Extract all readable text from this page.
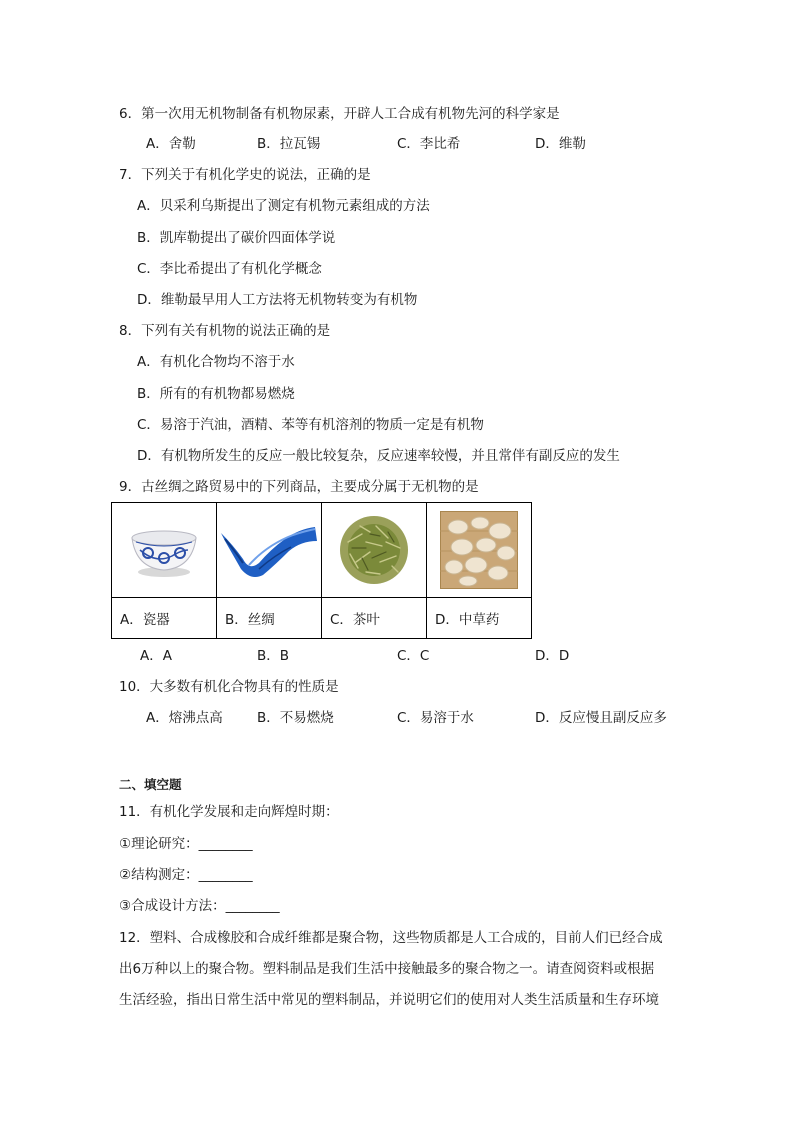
6．第一次用无机物制备有机物尿素，开辟人工合成有机物先河的科学家是
A．舍勒	B．拉瓦锡	C．李比希	D．维勒
7．下列关于有机化学史的说法，正确的是
A．贝采利乌斯提出了测定有机物元素组成的方法
B．凯库勒提出了碳价四面体学说
C．李比希提出了有机化学概念
D．维勒最早用人工方法将无机物转变为有机物
8．下列有关有机物的说法正确的是
A．有机化合物均不溶于水
B．所有的有机物都易燃烧
C．易溶于汽油，酒精、苯等有机溶剂的物质一定是有机物
D．有机物所发生的反应一般比较复杂，反应速率较慢，并且常伴有副反应的发生
9．古丝绸之路贸易中的下列商品，主要成分属于无机物的是

A．瓷器	B．丝绸	C．茶叶	D．中草药
A．A	B．B	C．C	D．D
10．大多数有机化合物具有的性质是
A．熔沸点高	B．不易燃烧	C．易溶于水	D．反应慢且副反应多
二、填空题
11．有机化学发展和走向辉煌时期：
①理论研究：________
②结构测定：________
③合成设计方法：________
12．塑料、合成橡胶和合成纤维都是聚合物，这些物质都是人工合成的，目前人们已经合成
出6万种以上的聚合物。塑料制品是我们生活中接触最多的聚合物之一。请查阅资料或根据
生活经验，指出日常生活中常见的塑料制品，并说明它们的使用对人类生活质量和生存环境
